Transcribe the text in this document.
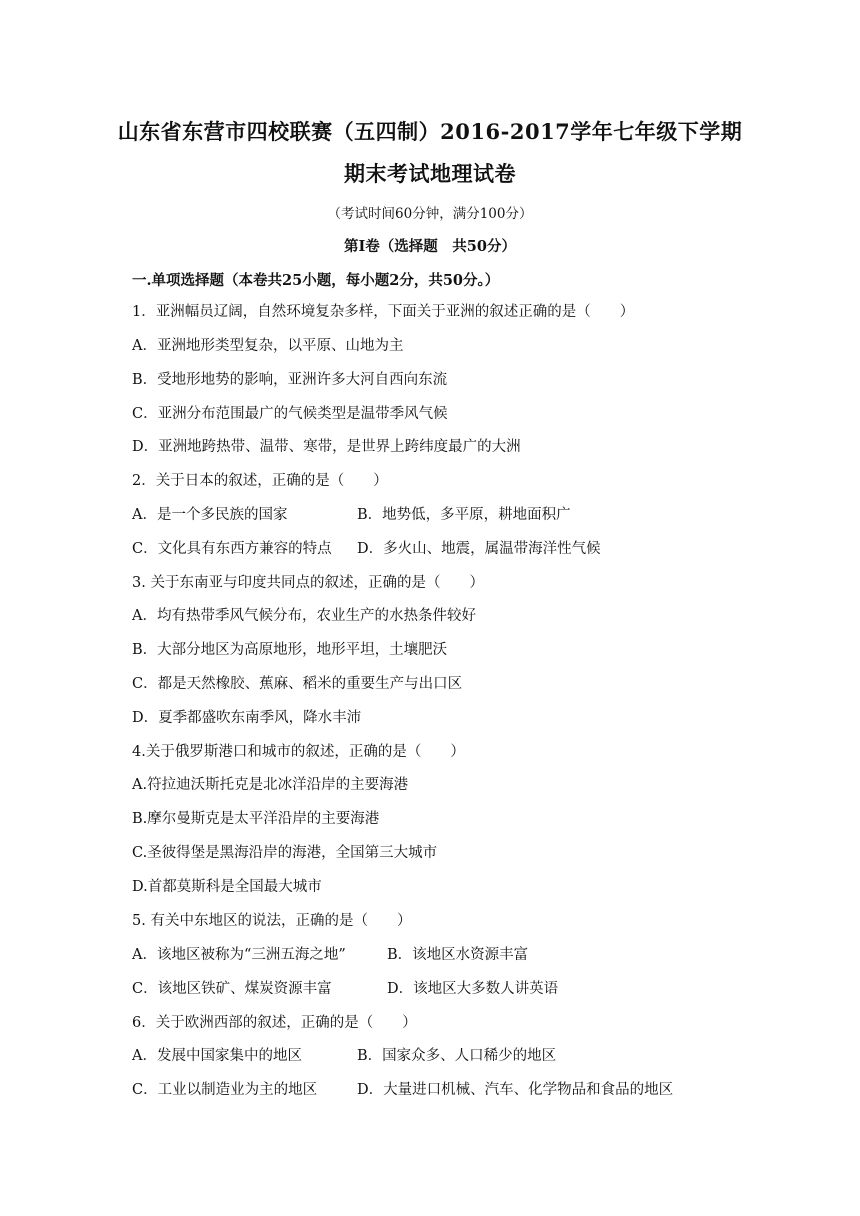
山东省东营市四校联赛（五四制）2016-2017学年七年级下学期
期末考试地理试卷
（考试时间60分钟，满分100分）
第Ⅰ卷（选择题　共50分）
一.单项选择题（本卷共25小题，每小题2分，共50分。）
1．亚洲幅员辽阔，自然环境复杂多样，下面关于亚洲的叙述正确的是（　　）
A．亚洲地形类型复杂，以平原、山地为主
B．受地形地势的影响，亚洲许多大河自西向东流
C．亚洲分布范围最广的气候类型是温带季风气候
D．亚洲地跨热带、温带、寒带，是世界上跨纬度最广的大洲
2．关于日本的叙述，正确的是（　　）
A．是一个多民族的国家	B．地势低，多平原，耕地面积广
C．文化具有东西方兼容的特点 D．多火山、地震，属温带海洋性气候
3. 关于东南亚与印度共同点的叙述，正确的是（　　）
A．均有热带季风气候分布，农业生产的水热条件较好
B．大部分地区为高原地形，地形平坦，土壤肥沃
C．都是天然橡胶、蕉麻、稻米的重要生产与出口区
D．夏季都盛吹东南季风，降水丰沛
4.关于俄罗斯港口和城市的叙述，正确的是（　　）
A.符拉迪沃斯托克是北冰洋沿岸的主要海港
B.摩尔曼斯克是太平洋沿岸的主要海港
C.圣彼得堡是黑海沿岸的海港，全国第三大城市
D.首都莫斯科是全国最大城市
5. 有关中东地区的说法，正确的是（　　）
A．该地区被称为“三洲五海之地”	B．该地区水资源丰富
C．该地区铁矿、煤炭资源丰富	D．该地区大多数人讲英语
6．关于欧洲西部的叙述，正确的是（　　）
A．发展中国家集中的地区	B．国家众多、人口稀少的地区
C．工业以制造业为主的地区	D．大量进口机械、汽车、化学物品和食品的地区
